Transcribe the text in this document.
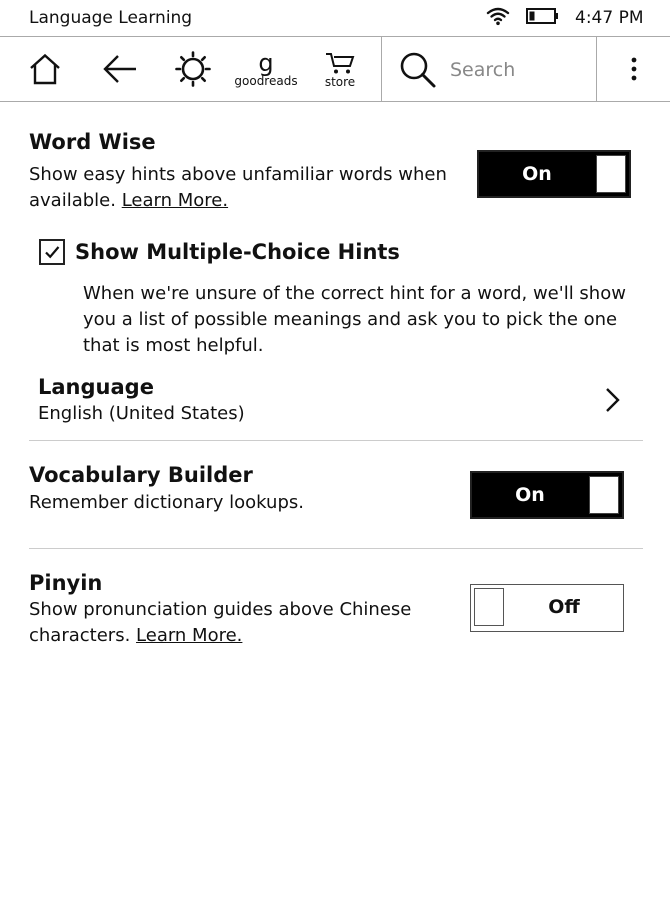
Language Learning	4:47 PM
g
goodreads store
Search
Word Wise
Show easy hints above unfamiliar words when available. Learn More.
On
Show Multiple-Choice Hints
When we're unsure of the correct hint for a word, we'll show you a list of possible meanings and ask you to pick the one that is most helpful.
Language
English (United States)
Vocabulary Builder
Remember dictionary lookups.	On
Pinyin
Show pronunciation guides above Chinese characters. Learn More.
Off
